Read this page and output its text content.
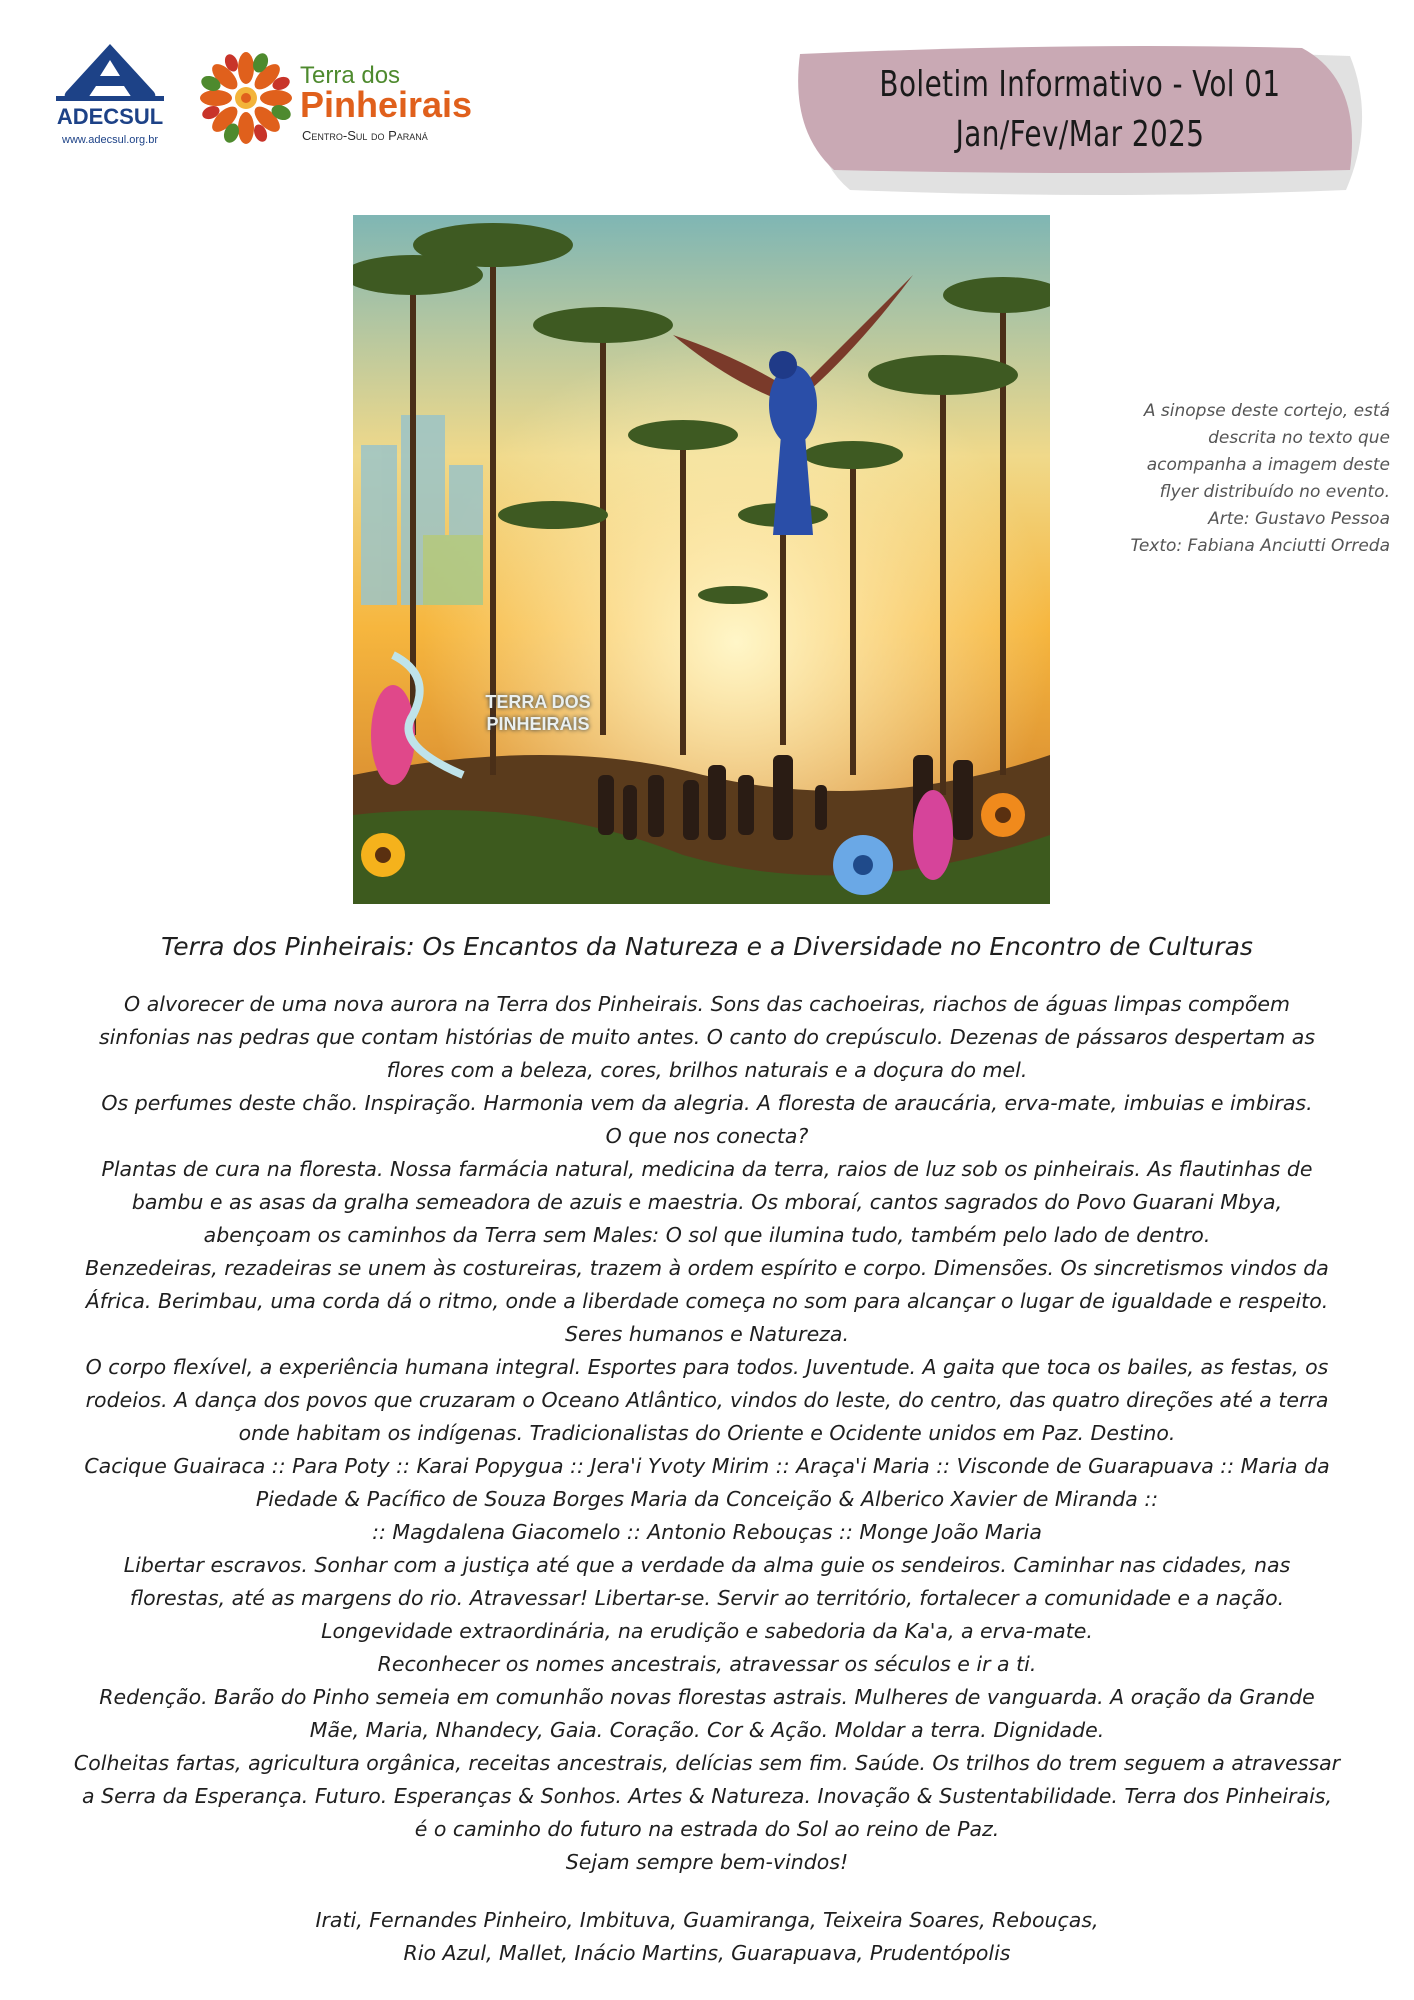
ADECSUL
www.adecsul.org.br
Terra dos
Pinheirais
Centro-Sul do Paraná
Boletim Informativo - Vol 01
Jan/Fev/Mar 2025
TERRA DOS PINHEIRAIS
A sinopse deste cortejo, está
descrita no texto que
acompanha a imagem deste
flyer distribuído no evento.
Arte: Gustavo Pessoa
Texto: Fabiana Anciutti Orreda
Terra dos Pinheirais: Os Encantos da Natureza e a Diversidade no Encontro de Culturas
O alvorecer de uma nova aurora na Terra dos Pinheirais. Sons das cachoeiras, riachos de águas limpas compõem
sinfonias nas pedras que contam histórias de muito antes. O canto do crepúsculo. Dezenas de pássaros despertam as
flores com a beleza, cores, brilhos naturais e a doçura do mel.
Os perfumes deste chão. Inspiração. Harmonia vem da alegria. A floresta de araucária, erva-mate, imbuias e imbiras.
O que nos conecta?
Plantas de cura na floresta. Nossa farmácia natural, medicina da terra, raios de luz sob os pinheirais. As flautinhas de
bambu e as asas da gralha semeadora de azuis e maestria. Os mboraí, cantos sagrados do Povo Guarani Mbya,
abençoam os caminhos da Terra sem Males: O sol que ilumina tudo, também pelo lado de dentro.
Benzedeiras, rezadeiras se unem às costureiras, trazem à ordem espírito e corpo. Dimensões. Os sincretismos vindos da
África. Berimbau, uma corda dá o ritmo, onde a liberdade começa no som para alcançar o lugar de igualdade e respeito.
Seres humanos e Natureza.
O corpo flexível, a experiência humana integral. Esportes para todos. Juventude. A gaita que toca os bailes, as festas, os
rodeios. A dança dos povos que cruzaram o Oceano Atlântico, vindos do leste, do centro, das quatro direções até a terra
onde habitam os indígenas. Tradicionalistas do Oriente e Ocidente unidos em Paz. Destino.
Cacique Guairaca :: Para Poty :: Karai Popygua :: Jera'i Yvoty Mirim :: Araça'i Maria :: Visconde de Guarapuava :: Maria da
Piedade & Pacífico de Souza Borges Maria da Conceição & Alberico Xavier de Miranda ::
:: Magdalena Giacomelo :: Antonio Rebouças :: Monge João Maria
Libertar escravos. Sonhar com a justiça até que a verdade da alma guie os sendeiros. Caminhar nas cidades, nas
florestas, até as margens do rio. Atravessar! Libertar-se. Servir ao território, fortalecer a comunidade e a nação.
Longevidade extraordinária, na erudição e sabedoria da Ka'a, a erva-mate.
Reconhecer os nomes ancestrais, atravessar os séculos e ir a ti.
Redenção. Barão do Pinho semeia em comunhão novas florestas astrais. Mulheres de vanguarda. A oração da Grande
Mãe, Maria, Nhandecy, Gaia. Coração. Cor & Ação. Moldar a terra. Dignidade.
Colheitas fartas, agricultura orgânica, receitas ancestrais, delícias sem fim. Saúde. Os trilhos do trem seguem a atravessar
a Serra da Esperança. Futuro. Esperanças & Sonhos. Artes & Natureza. Inovação & Sustentabilidade. Terra dos Pinheirais,
é o caminho do futuro na estrada do Sol ao reino de Paz.
Sejam sempre bem-vindos!
Irati, Fernandes Pinheiro, Imbituva, Guamiranga, Teixeira Soares, Rebouças,
Rio Azul, Mallet, Inácio Martins, Guarapuava, Prudentópolis
